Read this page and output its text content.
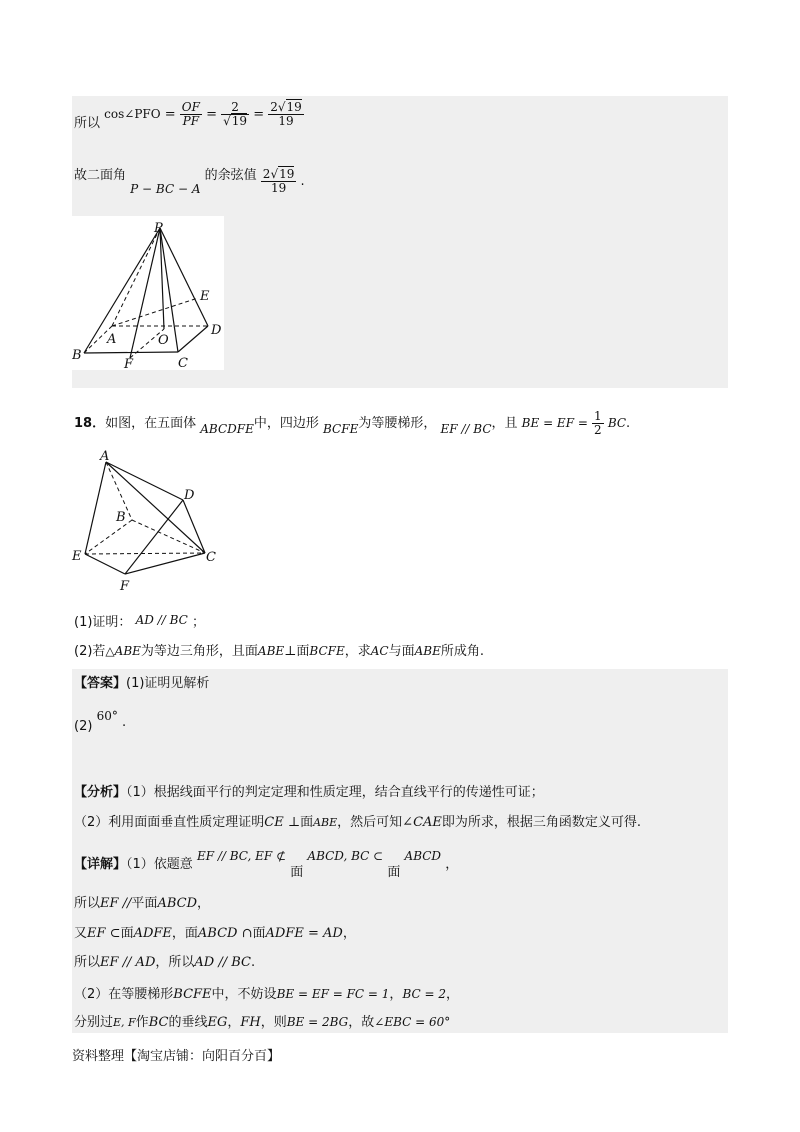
所以 cos∠PFO = $\frac{OF}{PF} = \frac{2}{√19} = \frac{2√19}{19}$
故二面角 P − BC − A 的余弦值 $\frac{2√19}{19}$ .
P
E
D
A	O
B
F	C
18．如图，在五面体 ABCDFE中，四边形 BCFE为等腰梯形， EF // BC，且 BE = EF = $\frac{1}{2}$ BC.
A
D
B
E	C
F
(1)证明： AD // BC ；
(2)若△ABE为等边三角形，且面ABE⊥面BCFE，求AC与面ABE所成角.
【答案】(1)证明见解析
(2) 60° .
【分析】（1）根据线面平行的判定定理和性质定理，结合直线平行的传递性可证；
（2）利用面面垂直性质定理证明CE ⊥面ABE，然后可知∠CAE即为所求，根据三角函数定义可得.
【详解】（1）依题意 EF // BC, EF ⊄ 面 ABCD, BC ⊂ 面 ABCD ，
所以EF //平面ABCD，
又EF ⊂面ADFE，面ABCD ∩面ADFE = AD，
所以EF // AD，所以AD // BC.
（2）在等腰梯形BCFE中，不妨设BE = EF = FC = 1，BC = 2，
分别过E, F作BC的垂线EG，FH，则BE = 2BG，故∠EBC = 60°
资料整理【淘宝店铺：向阳百分百】
